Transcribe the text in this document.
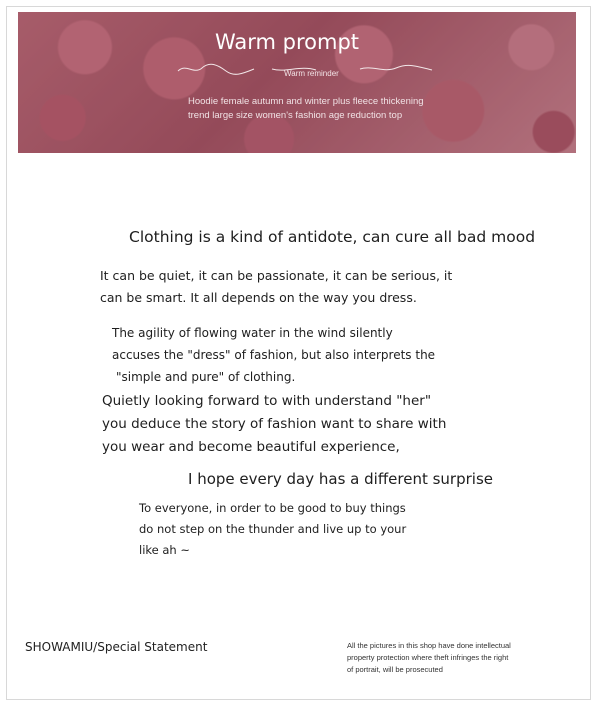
Warm prompt
Warm reminder
Hoodie female autumn and winter plus fleece thickening
trend large size women's fashion age reduction top
Clothing is a kind of antidote, can cure all bad mood
It can be quiet, it can be passionate, it can be serious, it
can be smart. It all depends on the way you dress.
The agility of flowing water in the wind silently
accuses the "dress" of fashion, but also interprets the
"simple and pure" of clothing.
Quietly looking forward to with understand "her"
you deduce the story of fashion want to share with
you wear and become beautiful experience,
I hope every day has a different surprise
To everyone, in order to be good to buy things
do not step on the thunder and live up to your
like ah ~
SHOWAMIU/Special Statement	All the pictures in this shop have done intellectual
property protection where theft infringes the right
of portrait, will be prosecuted
